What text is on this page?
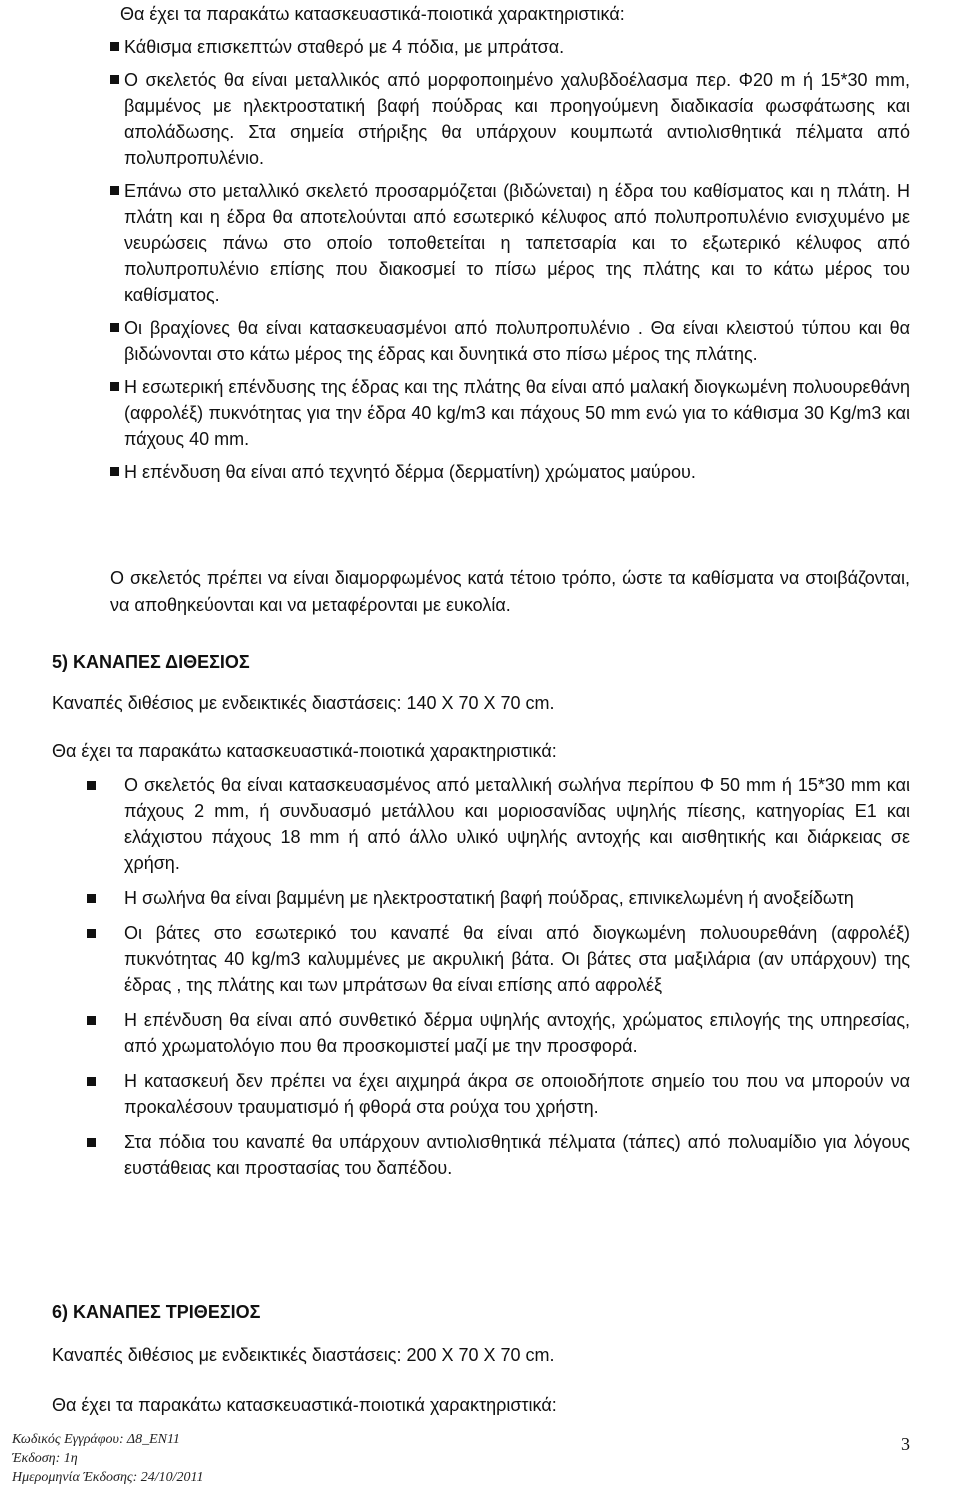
Θα έχει τα παρακάτω κατασκευαστικά-ποιοτικά χαρακτηριστικά:
Κάθισμα επισκεπτών σταθερό με 4 πόδια, με μπράτσα.
Ο σκελετός θα είναι μεταλλικός από μορφοποιημένο χαλυβδοέλασμα περ. Φ20 m ή 15*30 mm, βαμμένος με ηλεκτροστατική βαφή πούδρας και προηγούμενη διαδικασία φωσφάτωσης και απολάδωσης. Στα σημεία στήριξης θα υπάρχουν κουμπωτά αντιολισθητικά πέλματα από πολυπροπυλένιο.
Επάνω στο μεταλλικό σκελετό προσαρμόζεται (βιδώνεται) η έδρα του καθίσματος και η πλάτη. Η πλάτη και η έδρα θα αποτελούνται από εσωτερικό κέλυφος από πολυπροπυλένιο ενισχυμένο με νευρώσεις πάνω στο οποίο τοποθετείται η ταπετσαρία και το εξωτερικό κέλυφος από πολυπροπυλένιο επίσης που διακοσμεί το πίσω μέρος της πλάτης και το κάτω μέρος του καθίσματος.
Οι βραχίονες θα είναι κατασκευασμένοι από πολυπροπυλένιο . Θα είναι κλειστού τύπου και θα βιδώνονται στο κάτω μέρος της έδρας και δυνητικά στο πίσω μέρος της πλάτης.
Η εσωτερική επένδυσης της έδρας και της πλάτης θα είναι από μαλακή διογκωμένη πολυουρεθάνη (αφρολέξ) πυκνότητας για την έδρα 40 kg/m3 και πάχους 50 mm ενώ για το κάθισμα 30 Kg/m3 και πάχους 40 mm.
Η επένδυση θα είναι από τεχνητό δέρμα (δερματίνη) χρώματος μαύρου.
Ο σκελετός πρέπει να είναι διαμορφωμένος κατά τέτοιο τρόπο, ώστε τα καθίσματα να στοιβάζονται, να αποθηκεύονται και να μεταφέρονται με ευκολία.
5) ΚΑΝΑΠΕΣ ΔΙΘΕΣΙΟΣ
Καναπές διθέσιος με ενδεικτικές διαστάσεις: 140 Χ 70 Χ 70 cm.
Θα έχει τα παρακάτω κατασκευαστικά-ποιοτικά χαρακτηριστικά:
Ο σκελετός θα είναι κατασκευασμένος από μεταλλική σωλήνα περίπου Φ 50 mm ή 15*30 mm και πάχους 2 mm, ή συνδυασμό μετάλλου και μοριοσανίδας υψηλής πίεσης, κατηγορίας Ε1 και ελάχιστου πάχους 18 mm ή από άλλο υλικό υψηλής αντοχής και αισθητικής και διάρκειας σε χρήση.
Η σωλήνα θα είναι βαμμένη με ηλεκτροστατική βαφή πούδρας, επινικελωμένη ή ανοξείδωτη
Οι βάτες στο εσωτερικό του καναπέ θα είναι από διογκωμένη πολυουρεθάνη (αφρολέξ) πυκνότητας 40 kg/m3 καλυμμένες με ακρυλική βάτα. Οι βάτες στα μαξιλάρια (αν υπάρχουν) της έδρας , της πλάτης και των μπράτσων θα είναι επίσης από αφρολέξ
Η επένδυση θα είναι από συνθετικό δέρμα υψηλής αντοχής, χρώματος επιλογής της υπηρεσίας, από χρωματολόγιο που θα προσκομιστεί μαζί με την προσφορά.
Η κατασκευή δεν πρέπει να έχει αιχμηρά άκρα σε οποιοδήποτε σημείο του που να μπορούν να προκαλέσουν τραυματισμό ή φθορά στα ρούχα του χρήστη.
Στα πόδια του καναπέ θα υπάρχουν αντιολισθητικά πέλματα (τάπες) από πολυαμίδιο για λόγους ευστάθειας και προστασίας του δαπέδου.
6) ΚΑΝΑΠΕΣ ΤΡΙΘΕΣΙΟΣ
Καναπές διθέσιος με ενδεικτικές διαστάσεις: 200 Χ 70 Χ 70 cm.
Θα έχει τα παρακάτω κατασκευαστικά-ποιοτικά χαρακτηριστικά:
Κωδικός Εγγράφου: Δ8_ΕΝ11
Έκδοση: 1η
Ημερομηνία Έκδοσης: 24/10/2011
3
